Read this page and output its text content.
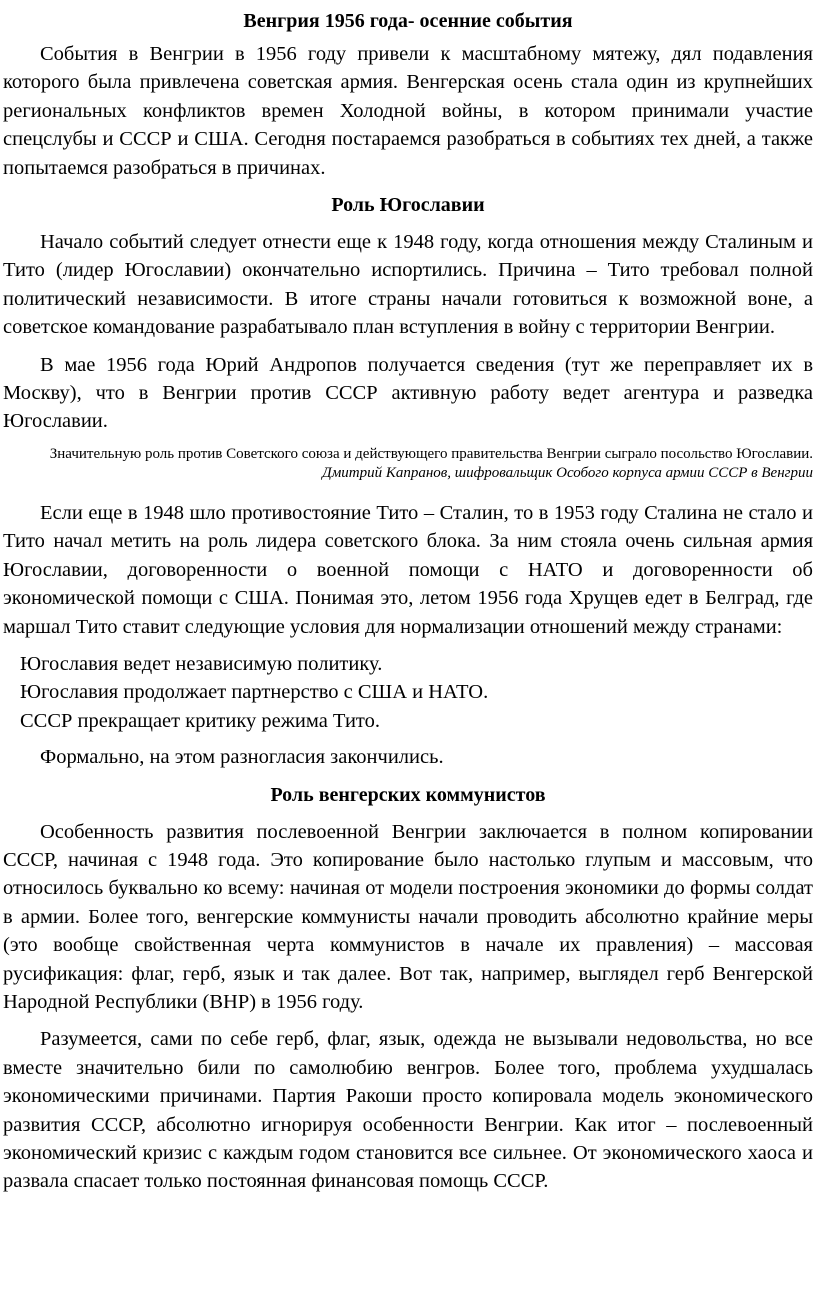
Венгрия 1956 года- осенние события

События в Венгрии в 1956 году привели к масштабному мятежу, дял подавления которого была привлечена советская армия. Венгерская осень стала один из крупнейших региональных конфликтов времен Холодной войны, в котором принимали участие спецслубы и СССР и США. Сегодня постараемся разобраться в событиях тех дней, а также попытаемся разобраться в причинах.

Роль Югославии

Начало событий следует отнести еще к 1948 году, когда отношения между Сталиным и Тито (лидер Югославии) окончательно испортились. Причина – Тито требовал полной политический независимости. В итоге страны начали готовиться к возможной воне, а советское командование разрабатывало план вступления в войну с территории Венгрии.

В мае 1956 года Юрий Андропов получается сведения (тут же переправляет их в Москву), что в Венгрии против СССР активную работу ведет агентура и разведка Югославии.

Значительную роль против Советского союза и действующего правительства Венгрии сыграло посольство Югославии.
Дмитрий Капранов, шифровальщик Особого корпуса армии СССР в Венгрии

Если еще в 1948 шло противостояние Тито – Сталин, то в 1953 году Сталина не стало и Тито начал метить на роль лидера советского блока. За ним стояла очень сильная армия Югославии, договоренности о военной помощи с НАТО и договоренности об экономической помощи с США. Понимая это, летом 1956 года Хрущев едет в Белград, где маршал Тито ставит следующие условия для нормализации отношений между странами:

Югославия ведет независимую политику.
Югославия продолжает партнерство с США и НАТО.
СССР прекращает критику режима Тито.

Формально, на этом разногласия закончились.

Роль венгерских коммунистов

Особенность развития послевоенной Венгрии заключается в полном копировании СССР, начиная с 1948 года. Это копирование было настолько глупым и массовым, что относилось буквально ко всему: начиная от модели построения экономики до формы солдат в армии. Более того, венгерские коммунисты начали проводить абсолютно крайние меры (это вообще свойственная черта коммунистов в начале их правления) – массовая русификация: флаг, герб, язык и так далее. Вот так, например, выглядел герб Венгерской Народной Республики (ВНР) в 1956 году.

Разумеется, сами по себе герб, флаг, язык, одежда не вызывали недовольства, но все вместе значительно били по самолюбию венгров. Более того, проблема ухудшалась экономическими причинами. Партия Ракоши просто копировала модель экономического развития СССР, абсолютно игнорируя особенности Венгрии. Как итог – послевоенный экономический кризис с каждым годом становится все сильнее. От экономического хаоса и развала спасает только постоянная финансовая помощь СССР.
